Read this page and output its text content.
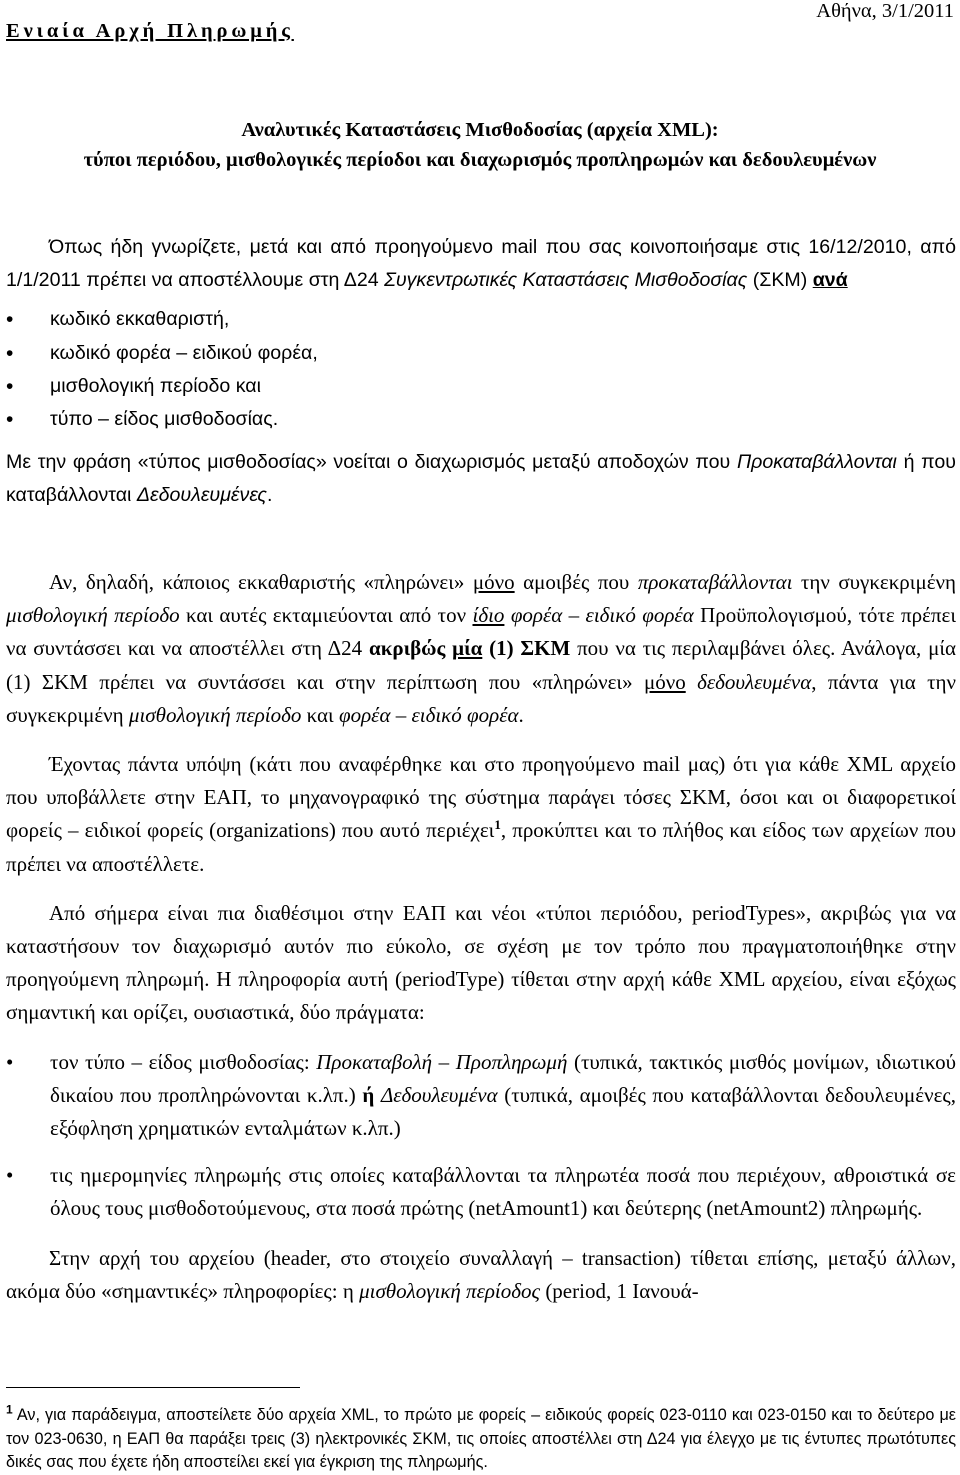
Ενιαία Αρχή Πληρωμής
Αθήνα, 3/1/2011
Αναλυτικές Καταστάσεις Μισθοδοσίας (αρχεία XML):
τύποι περιόδου, μισθολογικές περίοδοι και διαχωρισμός προπληρωμών και δεδουλευμένων

Όπως ήδη γνωρίζετε, μετά και από προηγούμενο mail που σας κοινοποιήσαμε στις 16/12/2010, από 1/1/2011 πρέπει να αποστέλλουμε στη Δ24 Συγκεντρωτικές Καταστάσεις Μισθοδοσίας (ΣΚΜ) ανά

• κωδικό εκκαθαριστή,
• κωδικό φορέα – ειδικού φορέα,
• μισθολογική περίοδο και
• τύπο – είδος μισθοδοσίας.

Με την φράση «τύπος μισθοδοσίας» νοείται ο διαχωρισμός μεταξύ αποδοχών που Προκαταβάλλονται ή που καταβάλλονται Δεδουλευμένες.

Αν, δηλαδή, κάποιος εκκαθαριστής «πληρώνει» μόνο αμοιβές που προκαταβάλλονται την συγκεκριμένη μισθολογική περίοδο και αυτές εκταμιεύονται από τον ίδιο φορέα – ειδικό φορέα Προϋπολογισμού, τότε πρέπει να συντάσσει και να αποστέλλει στη Δ24 ακριβώς μία (1) ΣΚΜ που να τις περιλαμβάνει όλες. Ανάλογα, μία (1) ΣΚΜ πρέπει να συντάσσει και στην περίπτωση που «πληρώνει» μόνο δεδουλευμένα, πάντα για την συγκεκριμένη μισθολογική περίοδο και φορέα – ειδικό φορέα.

Έχοντας πάντα υπόψη (κάτι που αναφέρθηκε και στο προηγούμενο mail μας) ότι για κάθε XML αρχείο που υποβάλλετε στην ΕΑΠ, το μηχανογραφικό της σύστημα παράγει τόσες ΣΚΜ, όσοι και οι διαφορετικοί φορείς – ειδικοί φορείς (organizations) που αυτό περιέχει$^1$, προκύπτει και το πλήθος και είδος των αρχείων που πρέπει να αποστέλλετε.

Από σήμερα είναι πια διαθέσιμοι στην ΕΑΠ και νέοι «τύποι περιόδου, periodTypes», ακριβώς για να καταστήσουν τον διαχωρισμό αυτόν πιο εύκολο, σε σχέση με τον τρόπο που πραγματοποιήθηκε στην προηγούμενη πληρωμή. Η πληροφορία αυτή (periodType) τίθεται στην αρχή κάθε XML αρχείου, είναι εξόχως σημαντική και ορίζει, ουσιαστικά, δύο πράγματα:

• τον τύπο – είδος μισθοδοσίας: Προκαταβολή – Προπληρωμή (τυπικά, τακτικός μισθός μονίμων, ιδιωτικού δικαίου που προπληρώνονται κ.λπ.) ή Δεδουλευμένα (τυπικά, αμοιβές που καταβάλλονται δεδουλευμένες, εξόφληση χρηματικών ενταλμάτων κ.λπ.)
• τις ημερομηνίες πληρωμής στις οποίες καταβάλλονται τα πληρωτέα ποσά που περιέχουν, αθροιστικά σε όλους τους μισθοδοτούμενους, στα ποσά πρώτης (netAmount1) και δεύτερης (netAmount2) πληρωμής.

Στην αρχή του αρχείου (header, στο στοιχείο συναλλαγή – transaction) τίθεται επίσης, μεταξύ άλλων, ακόμα δύο «σημαντικές» πληροφορίες: η μισθολογική περίοδος (period, 1 Ιανουά-

$^1$ Αν, για παράδειγμα, αποστείλετε δύο αρχεία XML, το πρώτο με φορείς – ειδικούς φορείς 023-0110 και 023-0150 και το δεύτερο με τον 023-0630, η ΕΑΠ θα παράξει τρεις (3) ηλεκτρονικές ΣΚΜ, τις οποίες αποστέλλει στη Δ24 για έλεγχο με τις έντυπες πρωτότυπες δικές σας που έχετε ήδη αποστείλει εκεί για έγκριση της πληρωμής.
